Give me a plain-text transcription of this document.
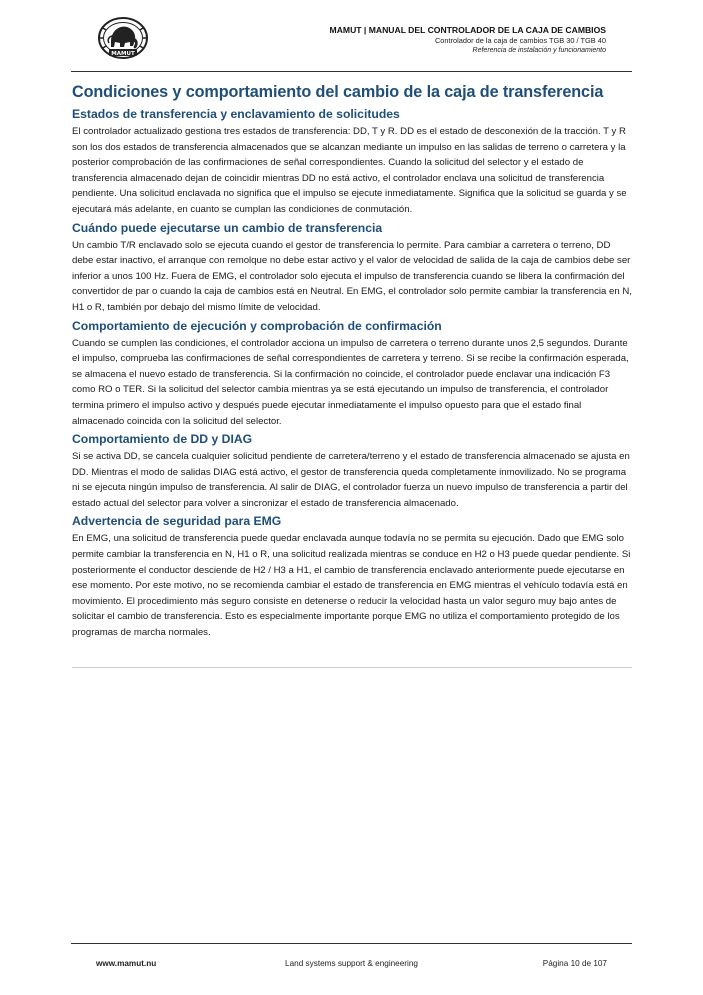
MAMUT
MAMUT | MANUAL DEL CONTROLADOR DE LA CAJA DE CAMBIOS
Controlador de la caja de cambios TGB 30 / TGB 40
Referencia de instalación y funcionamiento
Condiciones y comportamiento del cambio de la caja de transferencia
Estados de transferencia y enclavamiento de solicitudes

El controlador actualizado gestiona tres estados de transferencia: DD, T y R. DD es el estado de desconexión de la tracción. T y R son los dos estados de transferencia almacenados que se alcanzan mediante un impulso en las salidas de terreno o carretera y la posterior comprobación de las confirmaciones de señal correspondientes. Cuando la solicitud del selector y el estado de transferencia almacenado dejan de coincidir mientras DD no está activo, el controlador enclava una solicitud de transferencia pendiente. Una solicitud enclavada no significa que el impulso se ejecute inmediatamente. Significa que la solicitud se guarda y se ejecutará más adelante, en cuanto se cumplan las condiciones de conmutación.

Cuándo puede ejecutarse un cambio de transferencia

Un cambio T/R enclavado solo se ejecuta cuando el gestor de transferencia lo permite. Para cambiar a carretera o terreno, DD debe estar inactivo, el arranque con remolque no debe estar activo y el valor de velocidad de salida de la caja de cambios debe ser inferior a unos 100 Hz. Fuera de EMG, el controlador solo ejecuta el impulso de transferencia cuando se libera la confirmación del convertidor de par o cuando la caja de cambios está en Neutral. En EMG, el controlador solo permite cambiar la transferencia en N, H1 o R, también por debajo del mismo límite de velocidad.

Comportamiento de ejecución y comprobación de confirmación

Cuando se cumplen las condiciones, el controlador acciona un impulso de carretera o terreno durante unos 2,5 segundos. Durante el impulso, comprueba las confirmaciones de señal correspondientes de carretera y terreno. Si se recibe la confirmación esperada, se almacena el nuevo estado de transferencia. Si la confirmación no coincide, el controlador puede enclavar una indicación F3 como RO o TER. Si la solicitud del selector cambia mientras ya se está ejecutando un impulso de transferencia, el controlador termina primero el impulso activo y después puede ejecutar inmediatamente el impulso opuesto para que el estado final almacenado coincida con la solicitud del selector.

Comportamiento de DD y DIAG

Si se activa DD, se cancela cualquier solicitud pendiente de carretera/terreno y el estado de transferencia almacenado se ajusta en DD. Mientras el modo de salidas DIAG está activo, el gestor de transferencia queda completamente inmovilizado. No se programa ni se ejecuta ningún impulso de transferencia. Al salir de DIAG, el controlador fuerza un nuevo impulso de transferencia a partir del estado actual del selector para volver a sincronizar el estado de transferencia almacenado.

Advertencia de seguridad para EMG

En EMG, una solicitud de transferencia puede quedar enclavada aunque todavía no se permita su ejecución. Dado que EMG solo permite cambiar la transferencia en N, H1 o R, una solicitud realizada mientras se conduce en H2 o H3 puede quedar pendiente. Si posteriormente el conductor desciende de H2 / H3 a H1, el cambio de transferencia enclavado anteriormente puede ejecutarse en ese momento. Por este motivo, no se recomienda cambiar el estado de transferencia en EMG mientras el vehículo todavía está en movimiento. El procedimiento más seguro consiste en detenerse o reducir la velocidad hasta un valor seguro muy bajo antes de solicitar el cambio de transferencia. Esto es especialmente importante porque EMG no utiliza el comportamiento protegido de los programas de marcha normales.

www.mamut.nu	Land systems support & engineering	Página 10 de 107
